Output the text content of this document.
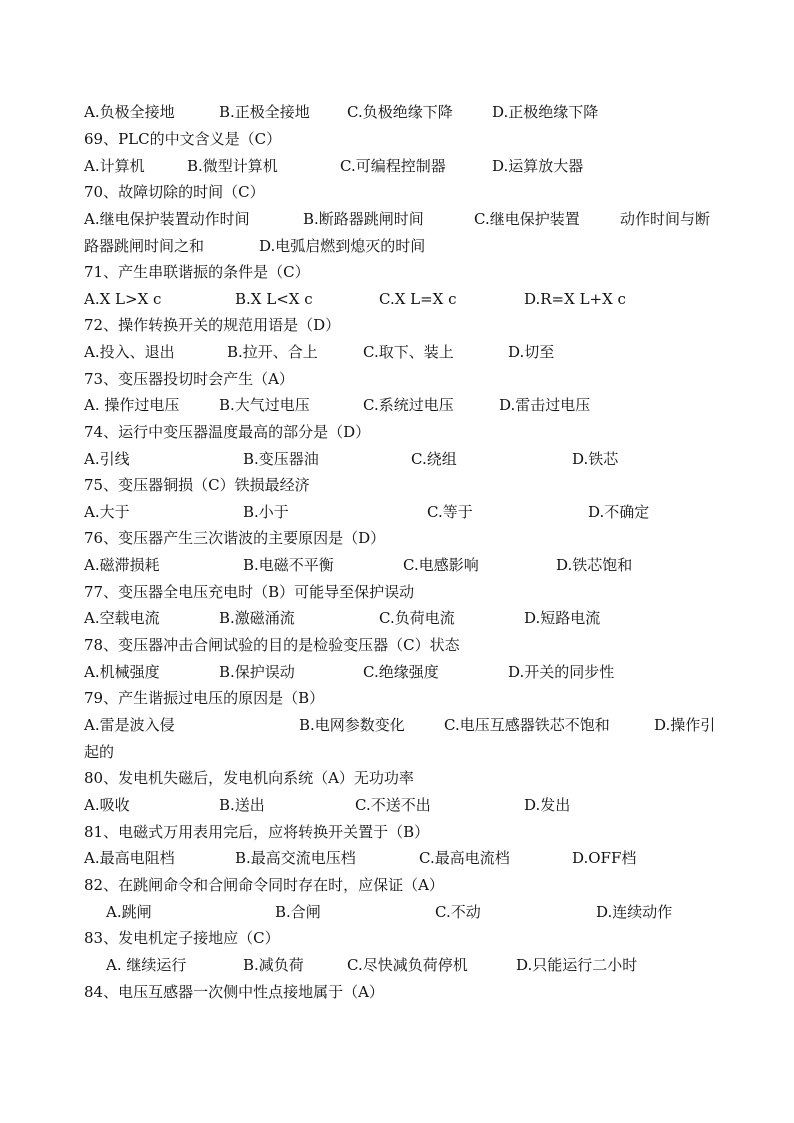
A.负极全接地	B.正极全接地 C.负极绝缘下降	D.正极绝缘下降
69、PLC的中文含义是（C）
A.计算机	B.微型计算机	C.可编程控制器	D.运算放大器
70、故障切除的时间（C）
A.继电保护装置动作时间	B.断路器跳闸时间	C.继电保护装置	动作时间与断
路器跳闸时间之和	D.电弧启燃到熄灭的时间
71、产生串联谐振的条件是（C）
A.X L>X c	B.X L<X c	C.X L=X c	D.R=X L+X c
72、操作转换开关的规范用语是（D）
A.投入、退出	B.拉开、合上	C.取下、装上	D.切至
73、变压器投切时会产生（A）
A. 操作过电压	B.大气过电压	C.系统过电压	D.雷击过电压
74、运行中变压器温度最高的部分是（D）
A.引线	B.变压器油	C.绕组	D.铁芯
75、变压器铜损（C）铁损最经济
A.大于	B.小于	C.等于	D.不确定
76、变压器产生三次谐波的主要原因是（D）
A.磁滞损耗	B.电磁不平衡	C.电感影响	D.铁芯饱和
77、变压器全电压充电时（B）可能导至保护误动
A.空载电流	B.激磁涌流	C.负荷电流	D.短路电流
78、变压器冲击合闸试验的目的是检验变压器（C）状态
A.机械强度	B.保护误动	C.绝缘强度	D.开关的同步性
79、产生谐振过电压的原因是（B）
A.雷是波入侵	B.电网参数变化	C.电压互感器铁芯不饱和	D.操作引
起的
80、发电机失磁后，发电机向系统（A）无功功率
A.吸收	B.送出	C.不送不出	D.发出
81、电磁式万用表用完后，应将转换开关置于（B）
A.最高电阻档	B.最高交流电压档	C.最高电流档	D.OFF档
82、在跳闸命令和合闸命令同时存在时，应保证（A）
A.跳闸	B.合闸	C.不动	D.连续动作
83、发电机定子接地应（C）
A. 继续运行	B.减负荷	C.尽快减负荷停机	D.只能运行二小时
84、电压互感器一次侧中性点接地属于（A）
